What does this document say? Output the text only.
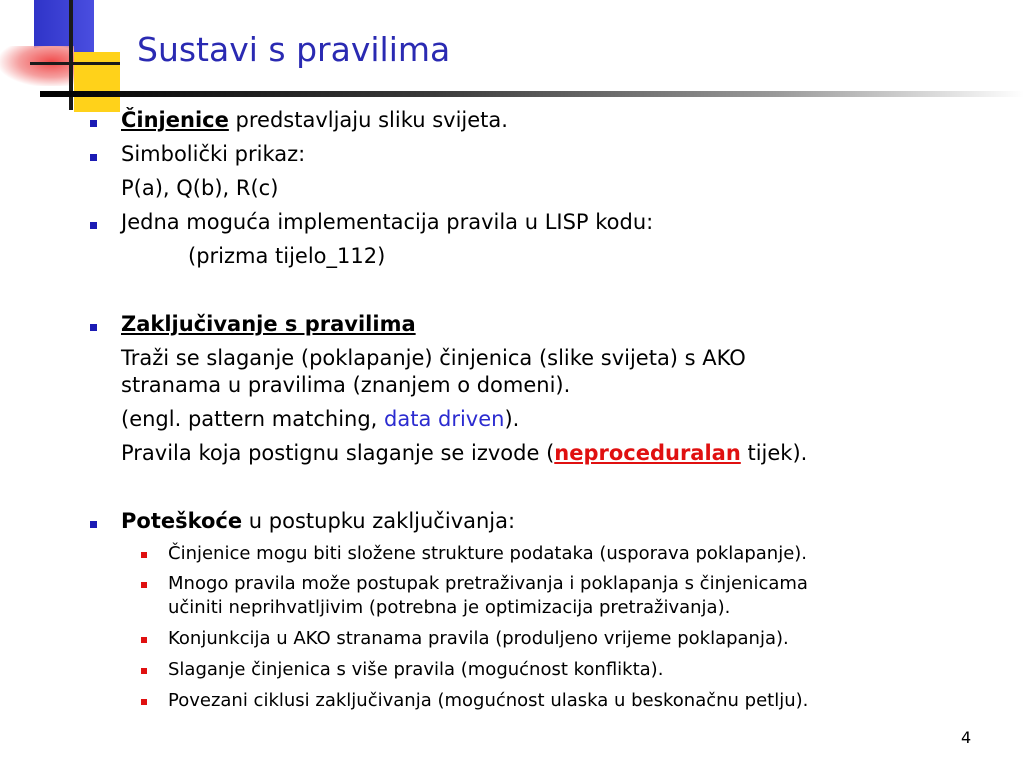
Sustavi s pravilima
Činjenice predstavljaju sliku svijeta.
Simbolički prikaz:
P(a), Q(b), R(c)
Jedna moguća implementacija pravila u LISP kodu:
(prizma tijelo_112)
Zaključivanje s pravilima
Traži se slaganje (poklapanje) činjenica (slike svijeta) s AKO
stranama u pravilima (znanjem o domeni).
(engl. pattern matching, data driven).
Pravila koja postignu slaganje se izvode (neproceduralan tijek).
Poteškoće u postupku zaključivanja:
Činjenice mogu biti složene strukture podataka (usporava poklapanje).
Mnogo pravila može postupak pretraživanja i poklapanja s činjenicama
učiniti neprihvatljivim (potrebna je optimizacija pretraživanja).
Konjunkcija u AKO stranama pravila (produljeno vrijeme poklapanja).
Slaganje činjenica s više pravila (mogućnost konflikta).
Povezani ciklusi zaključivanja (mogućnost ulaska u beskonačnu petlju).
4
